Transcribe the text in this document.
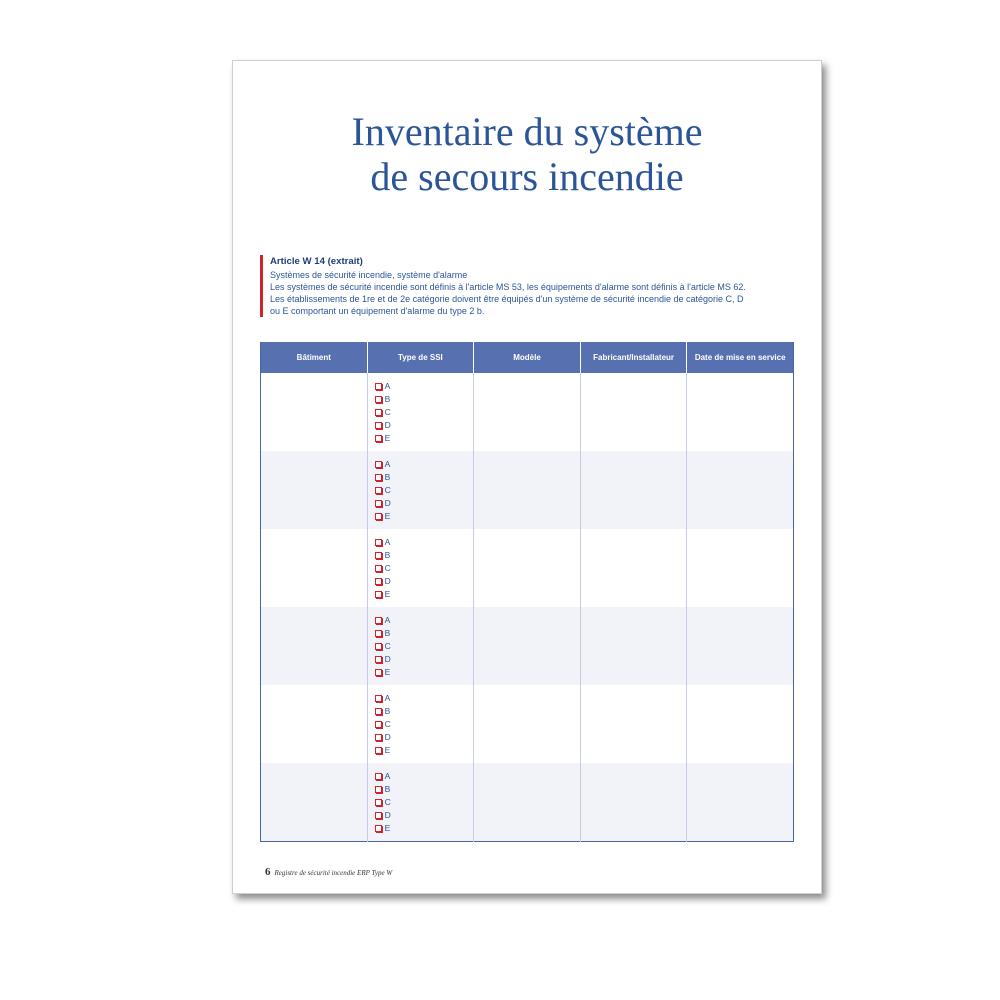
Inventaire du système
de secours incendie
Article W 14 (extrait)
Systèmes de sécurité incendie, système d'alarme
Les systèmes de sécurité incendie sont définis à l'article MS 53, les équipements d'alarme sont définis à l'article MS 62.
Les établissements de 1re et de 2e catégorie doivent être équipés d'un système de sécurité incendie de catégorie C, D
ou E comportant un équipement d'alarme du type 2 b.
Bâtiment	Type de SSI	Modèle	Fabricant/Installateur	Date de mise en service

	A
B
C
D
E			

	A
B
C
D
E			

	A
B
C
D
E			

	A
B
C
D
E			

	A
B
C
D
E			

	A
B
C
D
E			

6 Registre de sécurité incendie ERP Type W
